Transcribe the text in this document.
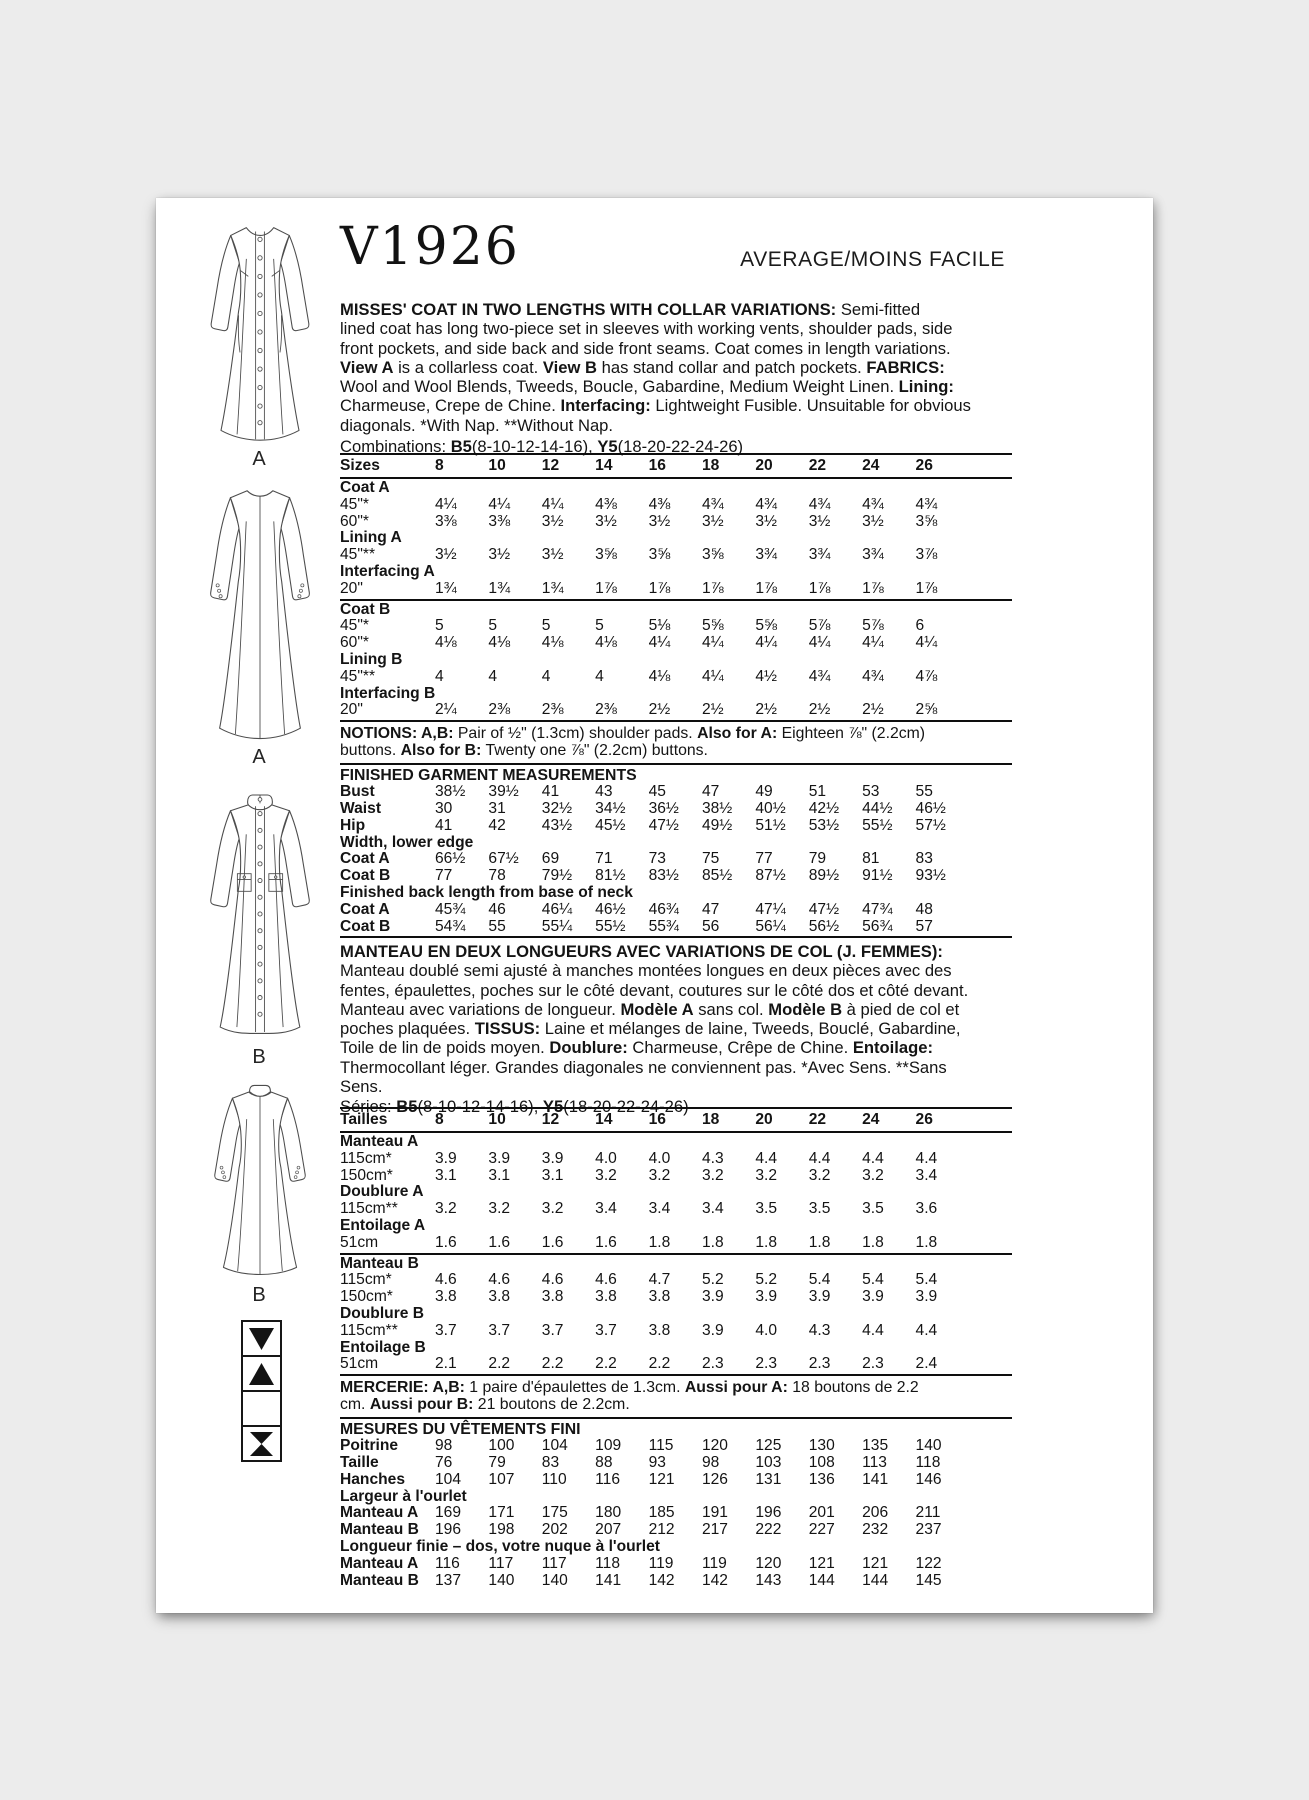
A
A
B
B
V1926	AVERAGE/MOINS FACILE
MISSES' COAT IN TWO LENGTHS WITH COLLAR VARIATIONS: Semi-fitted
lined coat has long two-piece set in sleeves with working vents, shoulder pads, side
front pockets, and side back and side front seams. Coat comes in length variations.
View A is a collarless coat. View B has stand collar and patch pockets. FABRICS:
Wool and Wool Blends, Tweeds, Boucle, Gabardine, Medium Weight Linen. Lining:
Charmeuse, Crepe de Chine. Interfacing: Lightweight Fusible. Unsuitable for obvious
diagonals. *With Nap. **Without Nap.
Combinations: B5(8-10-12-14-16), Y5(18-20-22-24-26)
Sizes	8	10	12	14	16	18	20	22	24	26
Coat A
45"*	4¼	4¼	4¼	4⅜	4⅜	4¾	4¾	4¾	4¾	4¾
60"*	3⅜	3⅜	3½	3½	3½	3½	3½	3½	3½	3⅝
Lining A
45"**	3½	3½	3½	3⅝	3⅝	3⅝	3¾	3¾	3¾	3⅞
Interfacing A
20"	1¾	1¾	1¾	1⅞	1⅞	1⅞	1⅞	1⅞	1⅞	1⅞
Coat B
45"*	5	5	5	5	5⅛	5⅝	5⅝	5⅞	5⅞	6
60"*	4⅛	4⅛	4⅛	4⅛	4¼	4¼	4¼	4¼	4¼	4¼
Lining B
45"**	4	4	4	4	4⅛	4¼	4½	4¾	4¾	4⅞
Interfacing B
20"	2¼	2⅜	2⅜	2⅜	2½	2½	2½	2½	2½	2⅝
NOTIONS: A,B: Pair of ½" (1.3cm) shoulder pads. Also for A: Eighteen ⅞" (2.2cm)
buttons. Also for B: Twenty one ⅞" (2.2cm) buttons.
FINISHED GARMENT MEASUREMENTS
Bust	38½	39½	41	43	45	47	49	51	53	55
Waist	30	31	32½	34½	36½	38½	40½	42½	44½	46½
Hip	41	42	43½	45½	47½	49½	51½	53½	55½	57½
Width, lower edge
Coat A	66½	67½	69	71	73	75	77	79	81	83
Coat B	77	78	79½	81½	83½	85½	87½	89½	91½	93½
Finished back length from base of neck
Coat A	45¾	46	46¼	46½	46¾	47	47¼	47½	47¾	48
Coat B	54¾	55	55¼	55½	55¾	56	56¼	56½	56¾	57
MANTEAU EN DEUX LONGUEURS AVEC VARIATIONS DE COL (J. FEMMES):
Manteau doublé semi ajusté à manches montées longues en deux pièces avec des
fentes, épaulettes, poches sur le côté devant, coutures sur le côté dos et côté devant.
Manteau avec variations de longueur. Modèle A sans col. Modèle B à pied de col et
poches plaquées. TISSUS: Laine et mélanges de laine, Tweeds, Bouclé, Gabardine,
Toile de lin de poids moyen. Doublure: Charmeuse, Crêpe de Chine. Entoilage:
Thermocollant léger. Grandes diagonales ne conviennent pas. *Avec Sens. **Sans
Sens.
Séries: B5(8-10-12-14-16), Y5(18-20-22-24-26)
Tailles	8	10	12	14	16	18	20	22	24	26
Manteau A
115cm*	3.9	3.9	3.9	4.0	4.0	4.3	4.4	4.4	4.4	4.4
150cm*	3.1	3.1	3.1	3.2	3.2	3.2	3.2	3.2	3.2	3.4
Doublure A
115cm**	3.2	3.2	3.2	3.4	3.4	3.4	3.5	3.5	3.5	3.6
Entoilage A
51cm	1.6	1.6	1.6	1.6	1.8	1.8	1.8	1.8	1.8	1.8
Manteau B
115cm*	4.6	4.6	4.6	4.6	4.7	5.2	5.2	5.4	5.4	5.4
150cm*	3.8	3.8	3.8	3.8	3.8	3.9	3.9	3.9	3.9	3.9
Doublure B
115cm**	3.7	3.7	3.7	3.7	3.8	3.9	4.0	4.3	4.4	4.4
Entoilage B
51cm	2.1	2.2	2.2	2.2	2.2	2.3	2.3	2.3	2.3	2.4
MERCERIE: A,B: 1 paire d'épaulettes de 1.3cm. Aussi pour A: 18 boutons de 2.2
cm. Aussi pour B: 21 boutons de 2.2cm.
MESURES DU VÊTEMENTS FINI
Poitrine	98	100	104	109	115	120	125	130	135	140
Taille	76	79	83	88	93	98	103	108	113	118
Hanches	104	107	110	116	121	126	131	136	141	146
Largeur à l'ourlet
Manteau A	169	171	175	180	185	191	196	201	206	211
Manteau B	196	198	202	207	212	217	222	227	232	237
Longueur finie – dos, votre nuque à l'ourlet
Manteau A	116	117	117	118	119	119	120	121	121	122
Manteau B	137	140	140	141	142	142	143	144	144	145
